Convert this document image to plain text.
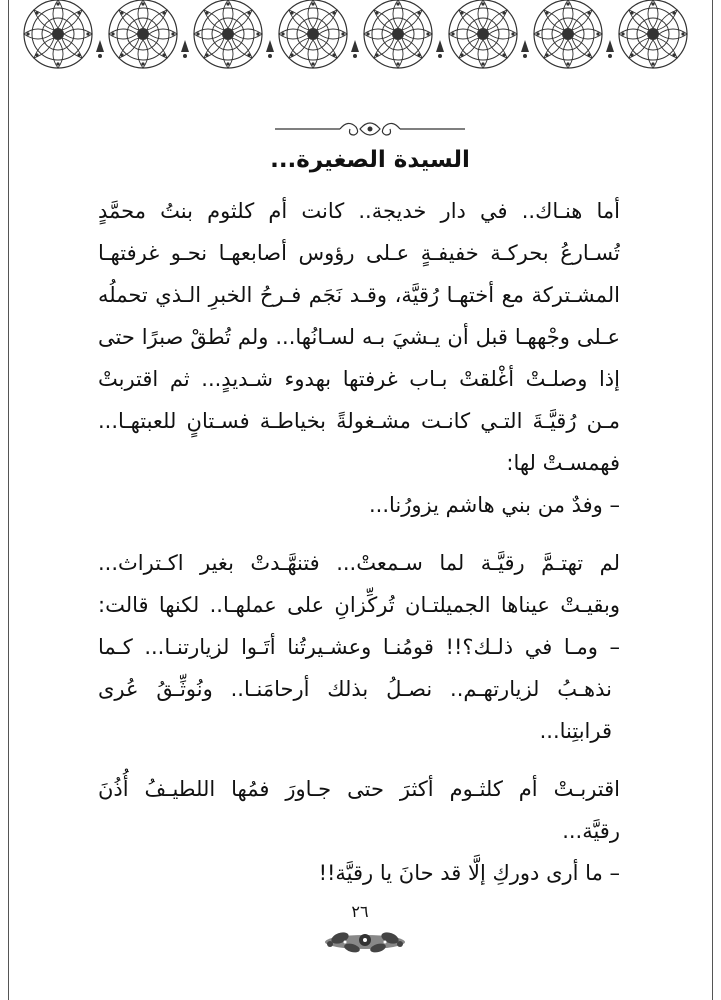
السيدة الصغيرة...
أما هنـاك.. في دار خديجة.. كانت أم كلثوم بنتُ محمَّدٍ
تُسـارعُ بحركـة خفيفـةٍ عـلى رؤوس أصابعهـا نحـو غرفتهـا
المشـتركة مع أختهـا رُقيَّة، وقـد نَجَم فـرحُ الخبرِ الـذي تحملُه
عـلى وجْههـا قبل أن يـشيَ بـه لسـانُها... ولم تُطقْ صبرًا حتى
إذا وصلـتْ أغْلقتْ بـاب غرفتها بهدوء شـديدٍ... ثم اقتربتْ
مـن رُقيَّـةَ التـي كانـت مشـغولةً بخياطـة فسـتانٍ للعبتهـا...
فهمسـتْ لها:
– وفدٌ من بني هاشم يزورُنا...
لم تهتـمَّ رقيَّـة لما سـمعتْ... فتنهَّـدتْ بغير اكـتراث...
وبقيـتْ عيناها الجميلتـان تُركِّزانِ على عملهـا.. لكنها قالت:
– ومـا في ذلـك؟!! قومُنـا وعشـيرتُنا أتَـوا لزيارتنـا... كـما
نذهـبُ لزيارتهـم.. نصـلُ بذلك أرحامَنـا.. ونُوثِّـقُ عُرى
قرابتِنا...
اقتربـتْ أم كلثـوم أكثرَ حتى جـاورَ فمُها اللطيـفُ أُذُنَ
رقيَّة...
– ما أرى دوركِ إلَّا قد حانَ يا رقيَّة!!
٢٦
